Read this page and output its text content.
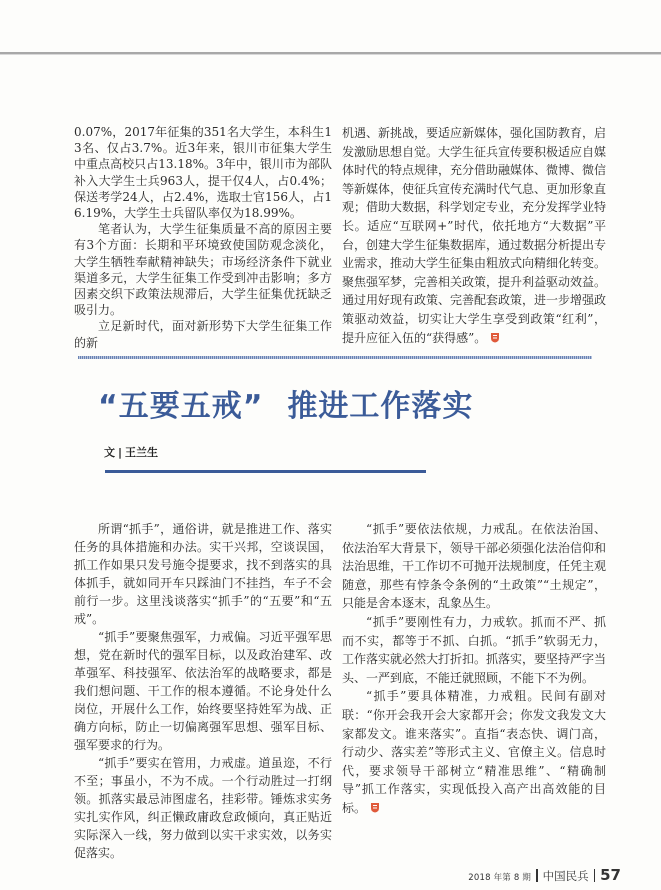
0.07%，2017年征集的351名大学生，本科生13名、仅占3.7%。近3年来，银川市征集大学生中重点高校只占13.18%。3年中，银川市为部队补入大学生士兵963人，提干仅4人，占0.4%；保送考学24人，占2.4%，选取士官156人，占16.19%，大学生士兵留队率仅为18.99%。

笔者认为，大学生征集质量不高的原因主要有3个方面：长期和平环境致使国防观念淡化，大学生牺牲奉献精神缺失；市场经济条件下就业渠道多元，大学生征集工作受到冲击影响；多方因素交织下政策法规滞后，大学生征集优抚缺乏吸引力。

立足新时代，面对新形势下大学生征集工作的新

机遇、新挑战，要适应新媒体，强化国防教育，启发激励思想自觉。大学生征兵宣传要积极适应自媒体时代的特点规律，充分借助融媒体、微博、微信等新媒体，使征兵宣传充满时代气息、更加形象直观；借助大数据，科学划定专业，充分发挥学业特长。适应“互联网+”时代，依托地方“大数据”平台，创建大学生征集数据库，通过数据分析提出专业需求，推动大学生征集由粗放式向精细化转变。聚焦强军梦，完善相关政策，提升利益驱动效益。通过用好现有政策、完善配套政策，进一步增强政策驱动效益，切实让大学生享受到政策“红利”，提升应征入伍的“获得感”。

“五要五戒” 推进工作落实
文 | 王兰生

所谓“抓手”，通俗讲，就是推进工作、落实任务的具体措施和办法。实干兴邦，空谈误国，抓工作如果只发号施令提要求，找不到落实的具体抓手，就如同开车只踩油门不挂挡，车子不会前行一步。这里浅谈落实“抓手”的“五要”和“五戒”。

“抓手”要聚焦强军，力戒偏。习近平强军思想，党在新时代的强军目标，以及政治建军、改革强军、科技强军、依法治军的战略要求，都是我们想问题、干工作的根本遵循。不论身处什么岗位，开展什么工作，始终要坚持姓军为战、正确方向标，防止一切偏离强军思想、强军目标、强军要求的行为。

“抓手”要实在管用，力戒虚。道虽迩，不行不至；事虽小，不为不成。一个行动胜过一打纲领。抓落实最忌沛图虚名，挂彩带。锤炼求实务实扎实作风，纠正懒政庸政怠政倾向，真正贴近实际深入一线，努力做到以实干求实效，以务实促落实。

“抓手”要依法依规，力戒乱。在依法治国、依法治军大背景下，领导干部必须强化法治信仰和法治思维，干工作切不可抛开法规制度，任凭主观随意，那些有悖条令条例的“土政策”“土规定”，只能是舍本逐末，乱象丛生。

“抓手”要刚性有力，力戒软。抓而不严、抓而不实，都等于不抓、白抓。“抓手”软弱无力，工作落实就必然大打折扣。抓落实，要坚持严字当头、一严到底，不能迁就照顾，不能下不为例。

“抓手”要具体精准，力戒粗。民间有副对联：“你开会我开会大家都开会；你发文我发文大家都发文。谁来落实”。直指“表态快、调门高，行动少、落实差”等形式主义、官僚主义。信息时代，要求领导干部树立“精准思维”、“精确制导”抓工作落实，实现低投入高产出高效能的目标。

2018 年第 8 期 中国民兵 57
